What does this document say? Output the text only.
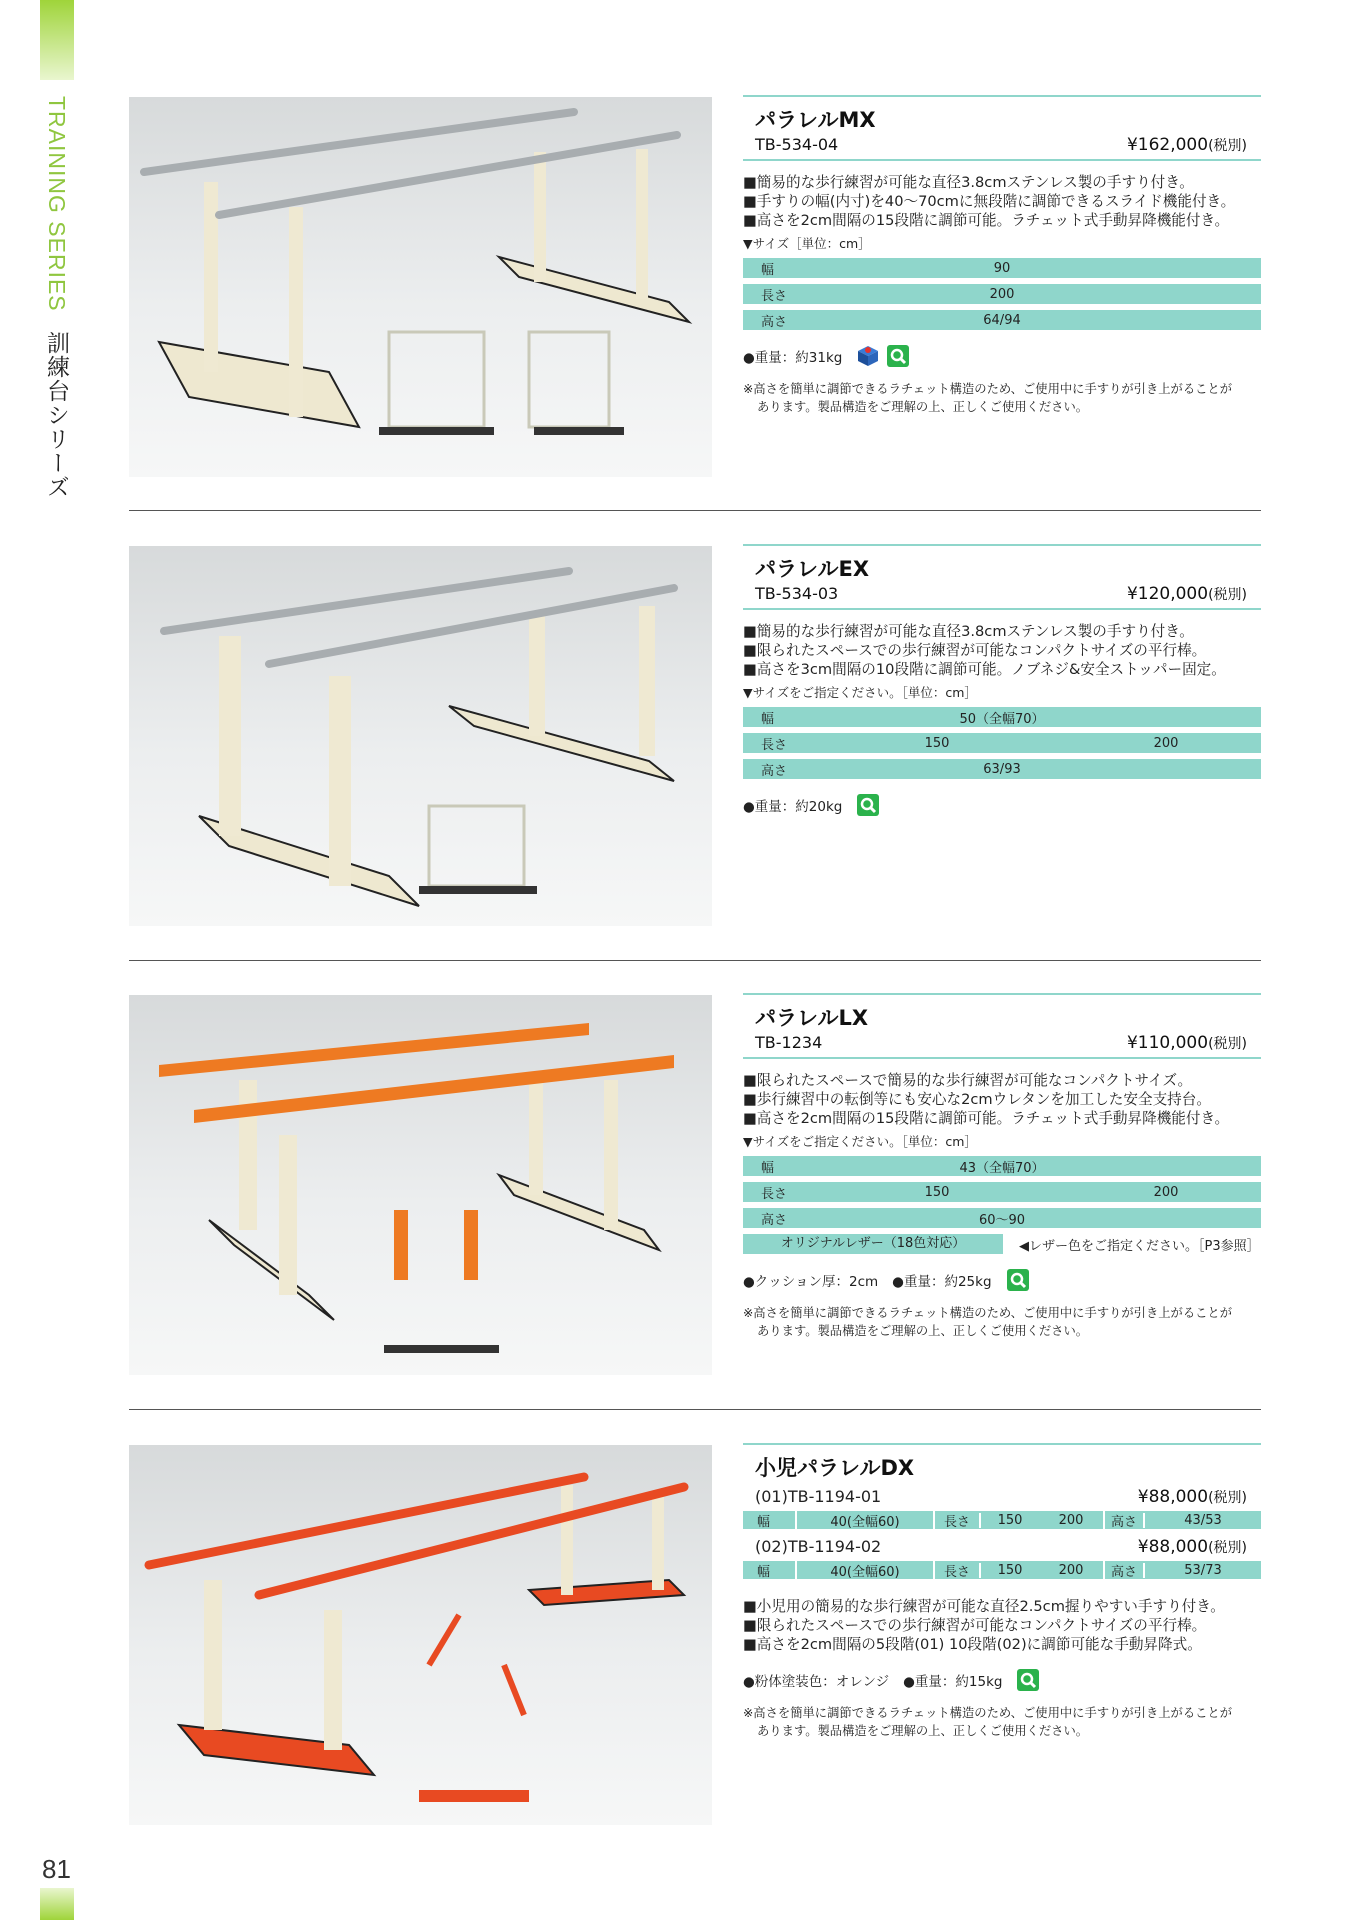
TRAINING SERIES 訓練台シリーズ
81
パラレルMX
TB-534-04	¥162,000(税別)
■簡易的な歩行練習が可能な直径3.8cmステンレス製の手すり付き。
■手すりの幅(内寸)を40〜70cmに無段階に調節できるスライド機能付き。
■高さを2cm間隔の15段階に調節可能。ラチェット式手動昇降機能付き。
▼サイズ［単位：cm］
幅	90
長さ	200
高さ	64/94
●重量：約31kg
※高さを簡単に調節できるラチェット構造のため、ご使用中に手すりが引き上がることが
あります。製品構造をご理解の上、正しくご使用ください。
パラレルEX
TB-534-03	¥120,000(税別)
■簡易的な歩行練習が可能な直径3.8cmステンレス製の手すり付き。
■限られたスペースでの歩行練習が可能なコンパクトサイズの平行棒。
■高さを3cm間隔の10段階に調節可能。ノブネジ&安全ストッパー固定。
▼サイズをご指定ください。［単位：cm］
幅	50（全幅70）
長さ	150	200
高さ	63/93
●重量：約20kg
パラレルLX
TB-1234	¥110,000(税別)
■限られたスペースで簡易的な歩行練習が可能なコンパクトサイズ。
■歩行練習中の転倒等にも安心な2cmウレタンを加工した安全支持台。
■高さを2cm間隔の15段階に調節可能。ラチェット式手動昇降機能付き。
▼サイズをご指定ください。［単位：cm］
幅	43（全幅70）
長さ	150	200
高さ	60〜90
オリジナルレザー（18色対応）	◀レザー色をご指定ください。［P3参照］
●クッション厚：2cm ●重量：約25kg
※高さを簡単に調節できるラチェット構造のため、ご使用中に手すりが引き上がることが
あります。製品構造をご理解の上、正しくご使用ください。
小児パラレルDX
(01)TB-1194-01	¥88,000(税別)
幅	40(全幅60)	長さ	150	200	高さ	43/53
(02)TB-1194-02	¥88,000(税別)
幅	40(全幅60)	長さ	150	200	高さ	53/73
■小児用の簡易的な歩行練習が可能な直径2.5cm握りやすい手すり付き。
■限られたスペースでの歩行練習が可能なコンパクトサイズの平行棒。
■高さを2cm間隔の5段階(01) 10段階(02)に調節可能な手動昇降式。
●粉体塗装色：オレンジ ●重量：約15kg
※高さを簡単に調節できるラチェット構造のため、ご使用中に手すりが引き上がることが
あります。製品構造をご理解の上、正しくご使用ください。
